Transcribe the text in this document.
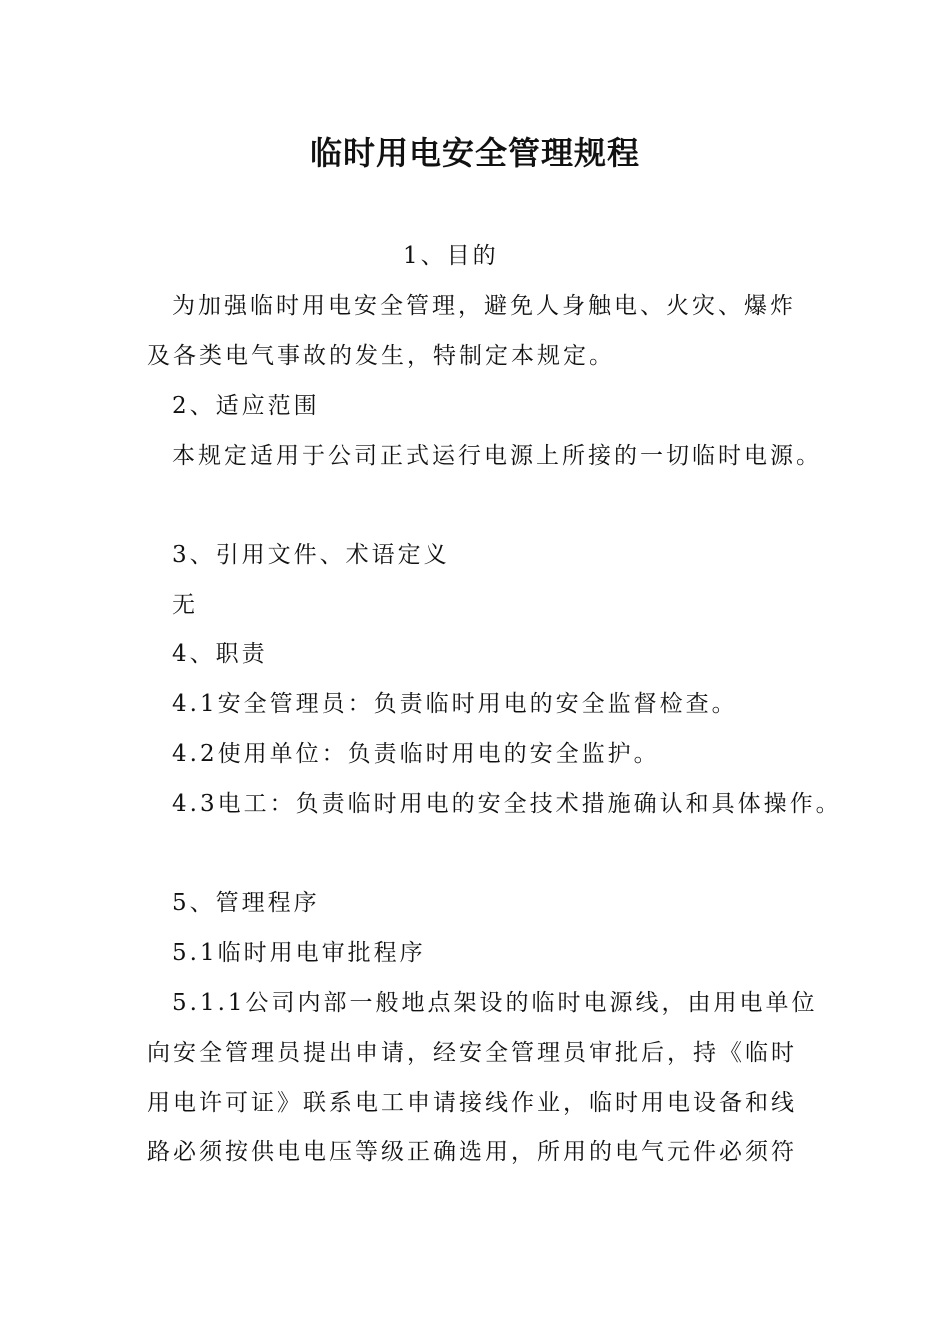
临时用电安全管理规程
1、目的
为加强临时用电安全管理，避免人身触电、火灾、爆炸
及各类电气事故的发生，特制定本规定。
2、适应范围
本规定适用于公司正式运行电源上所接的一切临时电源。
3、引用文件、术语定义
无
4、职责
4.1安全管理员：负责临时用电的安全监督检查。
4.2使用单位：负责临时用电的安全监护。
4.3电工：负责临时用电的安全技术措施确认和具体操作。
5、管理程序
5.1临时用电审批程序
5.1.1公司内部一般地点架设的临时电源线，由用电单位
向安全管理员提出申请，经安全管理员审批后，持《临时
用电许可证》联系电工申请接线作业，临时用电设备和线
路必须按供电电压等级正确选用，所用的电气元件必须符
